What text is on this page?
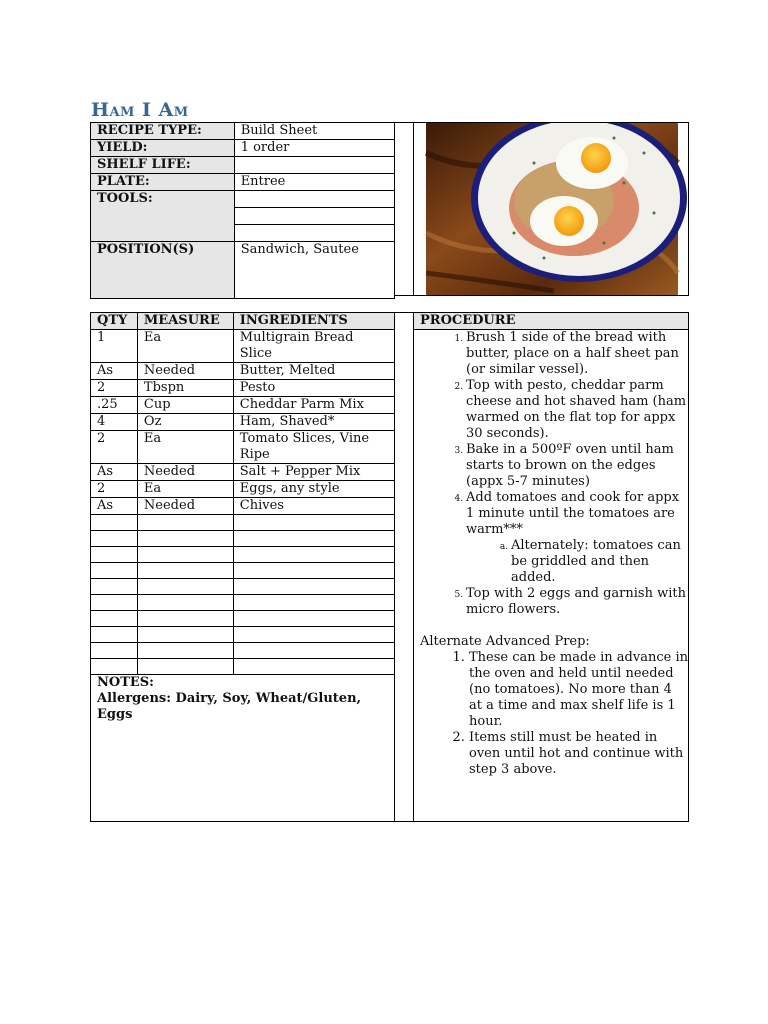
Ham I Am
RECIPE TYPE:	Build Sheet
YIELD:	1 order
SHELF LIFE:	
PLATE:	Entree
TOOLS:	

POSITION(S)	Sandwich, Sautee
QTY	MEASURE	INGREDIENTS
1	Ea	Multigrain Bread Slice
As	Needed	Butter, Melted
2	Tbspn	Pesto
.25	Cup	Cheddar Parm Mix
4	Oz	Ham, Shaved*
2	Ea	Tomato Slices, Vine Ripe
As	Needed	Salt + Pepper Mix
2	Ea	Eggs, any style
As	Needed	Chives

NOTES:
Allergens: Dairy, Soy, Wheat/Gluten, Eggs
PROCEDURE
1. Brush 1 side of the bread with butter, place on a half sheet pan (or similar vessel).
2. Top with pesto, cheddar parm cheese and hot shaved ham (ham warmed on the flat top for appx 30 seconds).
3. Bake in a 500ºF oven until ham starts to brown on the edges (appx 5-7 minutes)
4. Add tomatoes and cook for appx 1 minute until the tomatoes are warm***
a. Alternately: tomatoes can be griddled and then added.
5. Top with 2 eggs and garnish with micro flowers.
Alternate Advanced Prep:
1. These can be made in advance in the oven and held until needed (no tomatoes). No more than 4 at a time and max shelf life is 1 hour.
2. Items still must be heated in oven until hot and continue with step 3 above.
